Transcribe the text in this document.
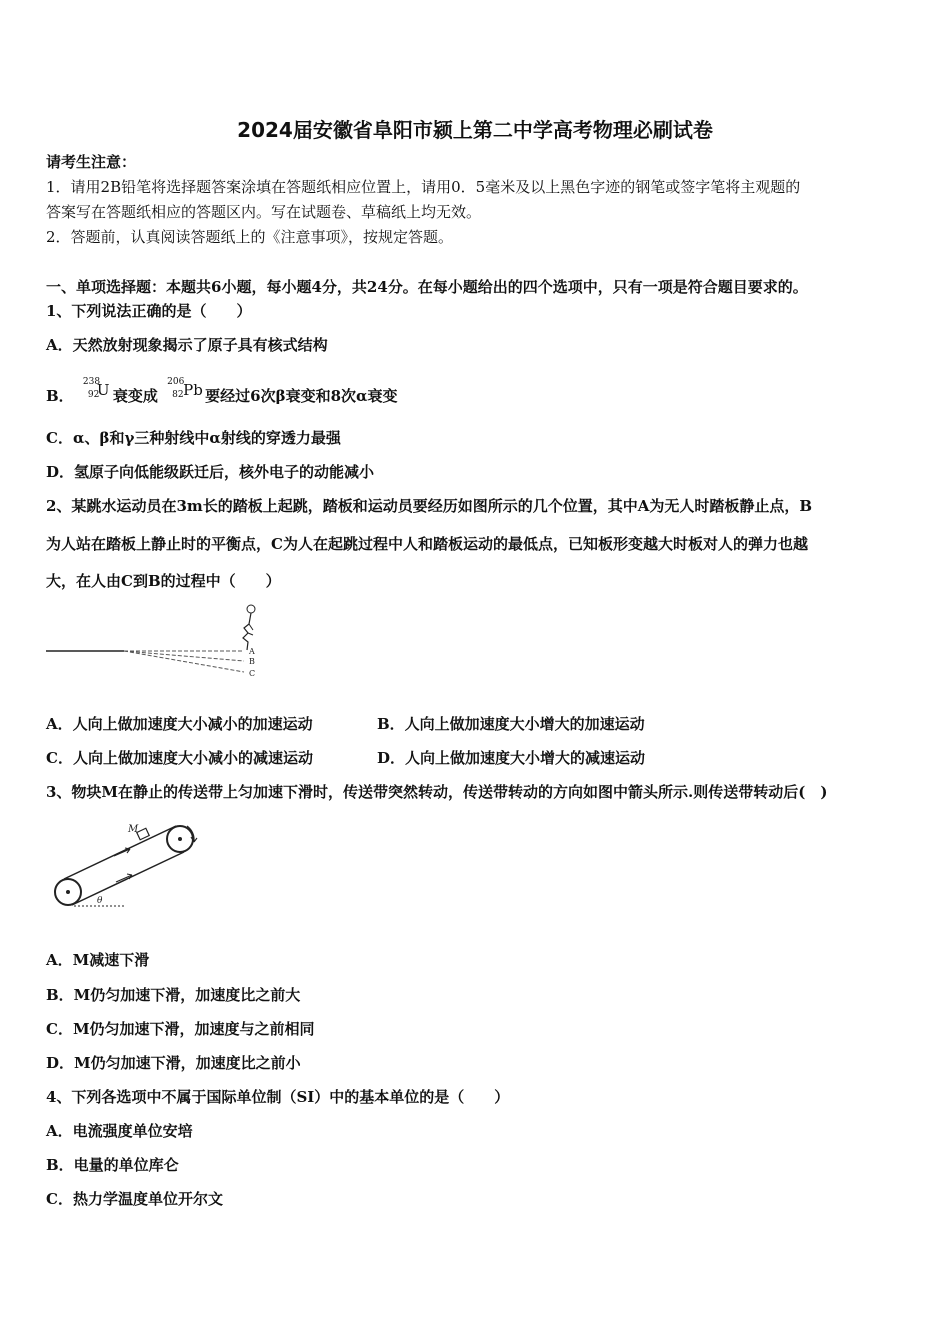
2024届安徽省阜阳市颍上第二中学高考物理必刷试卷
请考生注意：
1．请用2B铅笔将选择题答案涂填在答题纸相应位置上，请用0．5毫米及以上黑色字迹的钢笔或签字笔将主观题的
答案写在答题纸相应的答题区内。写在试题卷、草稿纸上均无效。
2．答题前，认真阅读答题纸上的《注意事项》，按规定答题。
一、单项选择题：本题共6小题，每小题4分，共24分。在每小题给出的四个选项中，只有一项是符合题目要求的。
1、下列说法正确的是（　　）
A．天然放射现象揭示了原子具有核式结构
B．
238
92
U 衰变成
206
82 Pb 要经过6次β衰变和8次α衰变
C．α、β和γ三种射线中α射线的穿透力最强
D．氢原子向低能级跃迁后，核外电子的动能减小
2、某跳水运动员在3m长的踏板上起跳，踏板和运动员要经历如图所示的几个位置，其中A为无人时踏板静止点，B
为人站在踏板上静止时的平衡点，C为人在起跳过程中人和踏板运动的最低点，已知板形变越大时板对人的弹力也越
大，在人由C到B的过程中（　　）
A
B
C
A．人向上做加速度大小减小的加速运动	B．人向上做加速度大小增大的加速运动
C．人向上做加速度大小减小的减速运动	D．人向上做加速度大小增大的减速运动
3、物块M在静止的传送带上匀加速下滑时，传送带突然转动，传送带转动的方向如图中箭头所示.则传送带转动后(　)
M
θ
A．M减速下滑
B．M仍匀加速下滑，加速度比之前大
C．M仍匀加速下滑，加速度与之前相同
D．M仍匀加速下滑，加速度比之前小
4、下列各选项中不属于国际单位制（SI）中的基本单位的是（　　）
A．电流强度单位安培
B．电量的单位库仑
C．热力学温度单位开尔文
